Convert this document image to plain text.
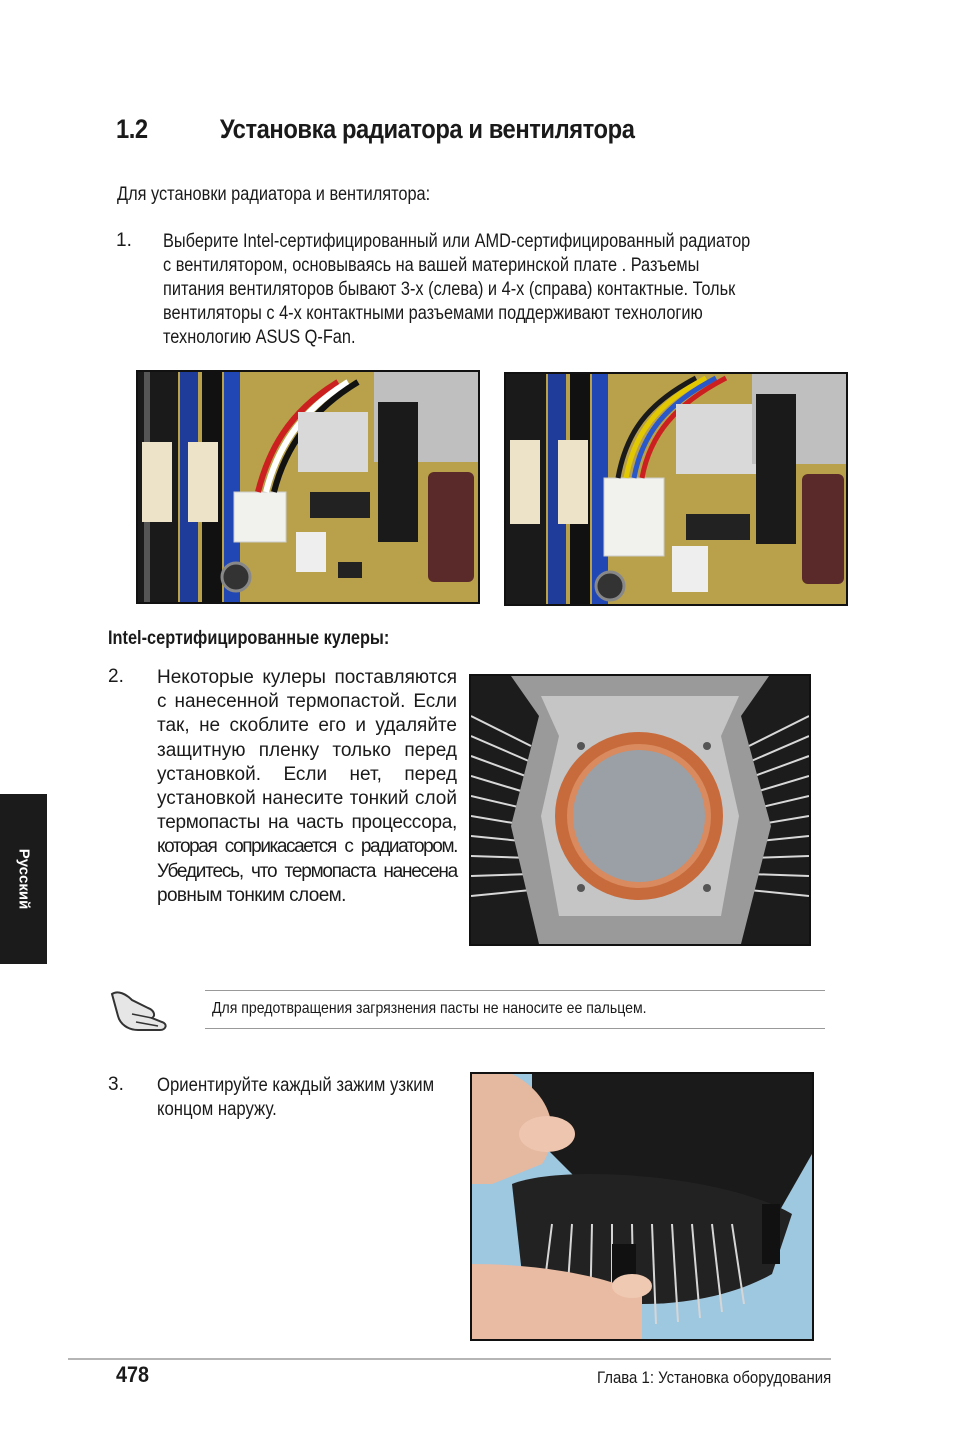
1.2	Установка радиатора и вентилятора
Для установки радиатора и вентилятора:
1. Выберите Intel-сертифицированный или AMD-сертифицированный радиатор
с вентилятором, основываясь на вашей материнской плате . Разъемы
питания вентиляторов бывают 3-х (слева) и 4-х (справа) контактные. Тольк
вентиляторы с 4-х контактными разъемами поддерживают технологию
технологию ASUS Q-Fan.
Intel-сертифицированные кулеры:
2. Некоторые кулеры поставляются
с нанесенной термопастой. Если
так, не скоблите его и удаляйте
защитную пленку только перед
установкой. Если нет, перед
установкой нанесите тонкий слой
термопасты на часть процессора,
которая соприкасается с радиатором.
Убедитесь, что термопаста нанесена
ровным тонким слоем.
Русский
Для предотвращения загрязнения пасты не наносите ее пальцем.
3. Ориентируйте каждый зажим узким
концом наружу.
478	Глава 1: Установка оборудования
